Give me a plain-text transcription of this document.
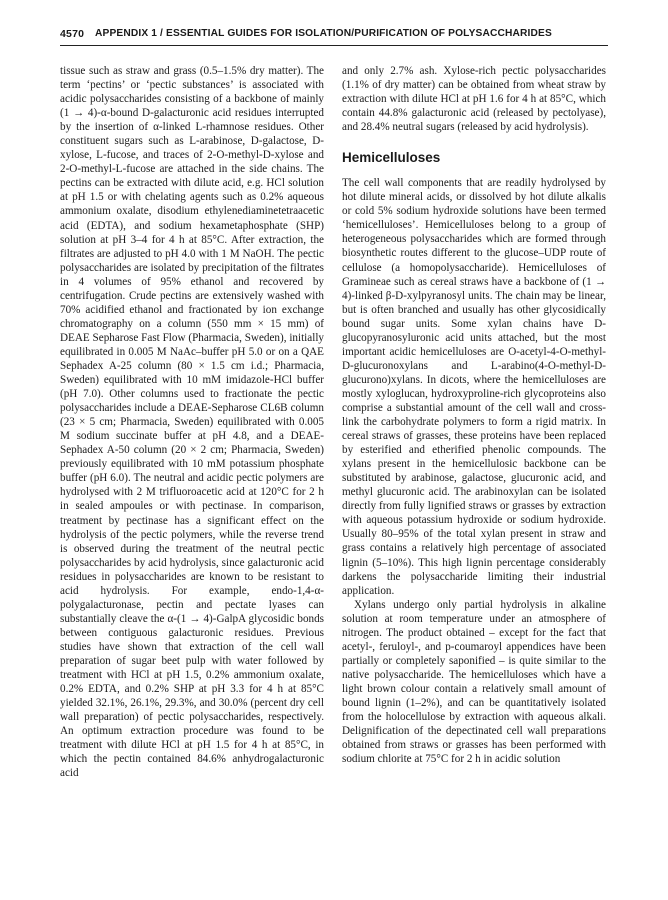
4570 APPENDIX 1 / ESSENTIAL GUIDES FOR ISOLATION/PURIFICATION OF POLYSACCHARIDES

tissue such as straw and grass (0.5–1.5% dry matter). The term ‘pectins’ or ‘pectic substances’ is associated with acidic polysaccharides consisting of a backbone of mainly (1 → 4)-α-bound D-galacturonic acid residues interrupted by the insertion of α-linked L-rhamnose residues. Other constituent sugars such as L-arabinose, D-galactose, D-xylose, L-fucose, and traces of 2-O-methyl-D-xylose and 2-O-methyl-L-fucose are attached in the side chains. The pectins can be extracted with dilute acid, e.g. HCl solution at pH 1.5 or with chelating agents such as 0.2% aqueous ammonium oxalate, disodium ethylenediaminetetraacetic acid (EDTA), and sodium hexametaphosphate (SHP) solution at pH 3–4 for 4 h at 85°C. After extraction, the filtrates are adjusted to pH 4.0 with 1 M NaOH. The pectic polysaccharides are isolated by precipitation of the filtrates in 4 volumes of 95% ethanol and recovered by centrifugation. Crude pectins are extensively washed with 70% acidified ethanol and fractionated by ion exchange chromatography on a column (550 mm × 15 mm) of DEAE Sepharose Fast Flow (Pharmacia, Sweden), initially equilibrated in 0.005 M NaAc–buffer pH 5.0 or on a QAE Sephadex A-25 column (80 × 1.5 cm i.d.; Pharmacia, Sweden) equilibrated with 10 mM imidazole-HCl buffer (pH 7.0). Other columns used to fractionate the pectic polysaccharides include a DEAE-Sepharose CL6B column (23 × 5 cm; Pharmacia, Sweden) equilibrated with 0.005 M sodium succinate buffer at pH 4.8, and a DEAE-Sephadex A-50 column (20 × 2 cm; Pharmacia, Sweden) previously equilibrated with 10 mM potassium phosphate buffer (pH 6.0). The neutral and acidic pectic polymers are hydrolysed with 2 M trifluoroacetic acid at 120°C for 2 h in sealed ampoules or with pectinase. In comparison, treatment by pectinase has a significant effect on the hydrolysis of the pectic polymers, while the reverse trend is observed during the treatment of the neutral pectic polysaccharides by acid hydrolysis, since galacturonic acid residues in polysaccharides are known to be resistant to acid hydrolysis. For example, endo-1,4-α-polygalacturonase, pectin and pectate lyases can substantially cleave the α-(1 → 4)-GalpA glycosidic bonds between contiguous galacturonic residues. Previous studies have shown that extraction of the cell wall preparation of sugar beet pulp with water followed by treatment with HCl at pH 1.5, 0.2% ammonium oxalate, 0.2% EDTA, and 0.2% SHP at pH 3.3 for 4 h at 85°C yielded 32.1%, 26.1%, 29.3%, and 30.0% (percent dry cell wall preparation) of pectic polysaccharides, respectively. An optimum extraction procedure was found to be treatment with dilute HCl at pH 1.5 for 4 h at 85°C, in which the pectin contained 84.6% anhydrogalacturonic acid

and only 2.7% ash. Xylose-rich pectic polysaccharides (1.1% of dry matter) can be obtained from wheat straw by extraction with dilute HCl at pH 1.6 for 4 h at 85°C, which contain 44.8% galacturonic acid (released by pectolyase), and 28.4% neutral sugars (released by acid hydrolysis).

Hemicelluloses

The cell wall components that are readily hydrolysed by hot dilute mineral acids, or dissolved by hot dilute alkalis or cold 5% sodium hydroxide solutions have been termed ‘hemicelluloses’. Hemicelluloses belong to a group of heterogeneous polysaccharides which are formed through biosynthetic routes different to the glucose–UDP route of cellulose (a homopolysaccharide). Hemicelluloses of Gramineae such as cereal straws have a backbone of (1 → 4)-linked β-D-xylpyranosyl units. The chain may be linear, but is often branched and usually has other glycosidically bound sugar units. Some xylan chains have D-glucopyranosyluronic acid units attached, but the most important acidic hemicelluloses are O-acetyl-4-O-methyl-D-glucuronoxylans and L-arabino(4-O-methyl-D-glucurono)xylans. In dicots, where the hemicelluloses are mostly xyloglucan, hydroxyproline-rich glycoproteins also comprise a substantial amount of the cell wall and cross-link the carbohydrate polymers to form a rigid matrix. In cereal straws of grasses, these proteins have been replaced by esterified and etherified phenolic compounds. The xylans present in the hemicellulosic backbone can be substituted by arabinose, galactose, glucuronic acid, and methyl glucuronic acid. The arabinoxylan can be isolated directly from fully lignified straws or grasses by extraction with aqueous potassium hydroxide or sodium hydroxide. Usually 80–95% of the total xylan present in straw and grass contains a relatively high percentage of associated lignin (5–10%). This high lignin percentage considerably darkens the polysaccharide limiting their industrial application.

Xylans undergo only partial hydrolysis in alkaline solution at room temperature under an atmosphere of nitrogen. The product obtained – except for the fact that acetyl-, feruloyl-, and p-coumaroyl appendices have been partially or completely saponified – is quite similar to the native polysaccharide. The hemicelluloses which have a light brown colour contain a relatively small amount of bound lignin (1–2%), and can be quantitatively isolated from the holocellulose by extraction with aqueous alkali. Delignification of the depectinated cell wall preparations obtained from straws or grasses has been performed with sodium chlorite at 75°C for 2 h in acidic solution
